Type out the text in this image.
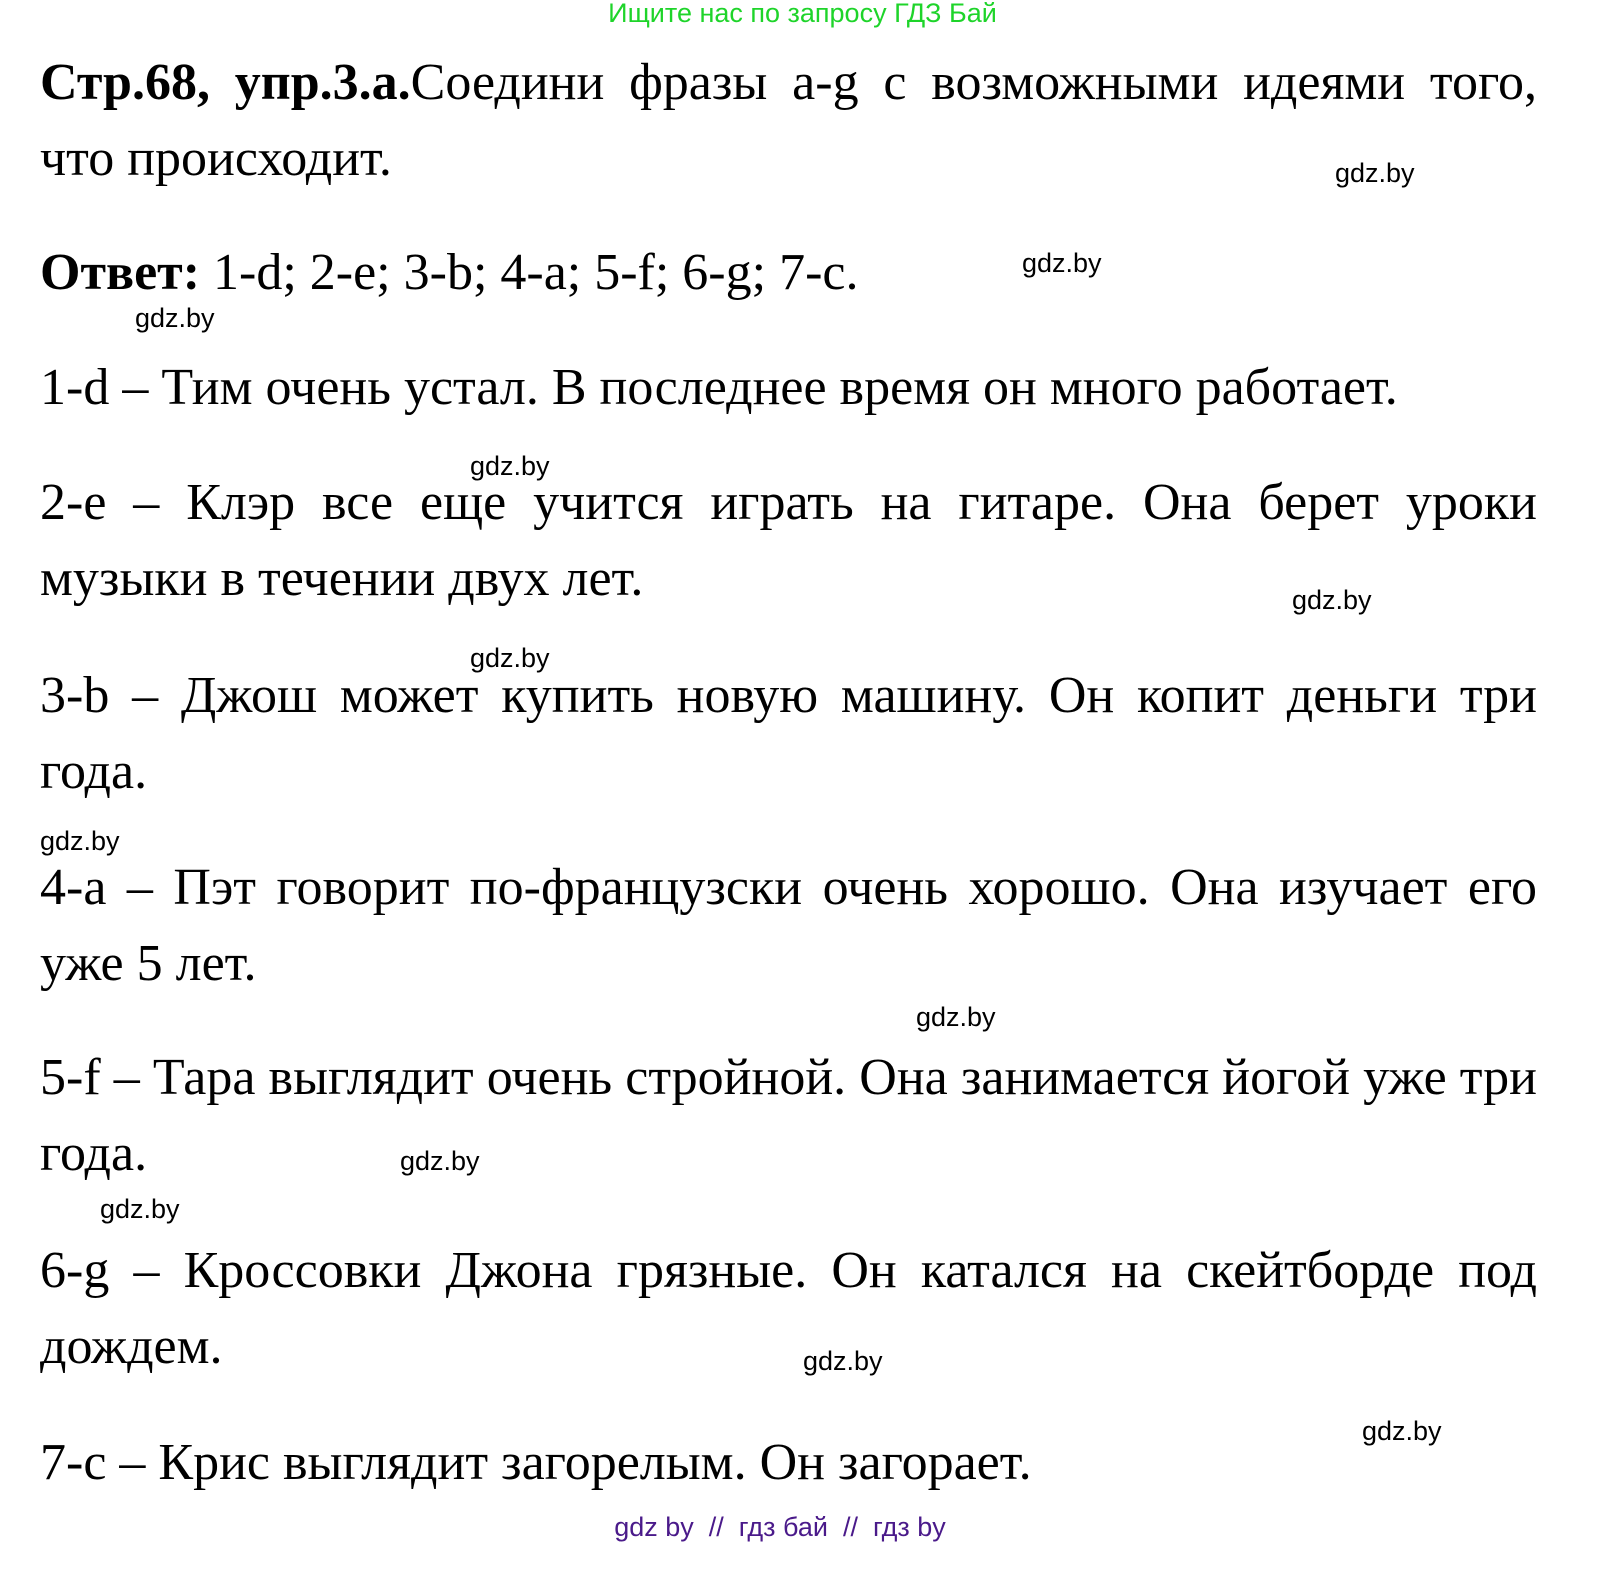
Ищите нас по запросу ГДЗ Бай

Стр.68, упр.3.а.Соедини фразы a-g с возможными идеями того, что происходит.

Ответ: 1-d; 2-e; 3-b; 4-a; 5-f; 6-g; 7-c.

1-d – Тим очень устал. В последнее время он много работает.

2-e – Клэр все еще учится играть на гитаре. Она берет уроки музыки в течении двух лет.

3-b – Джош может купить новую машину. Он копит деньги три года.

4-a – Пэт говорит по-французски очень хорошо. Она изучает его уже 5 лет.

5-f – Тара выглядит очень стройной. Она занимается йогой уже три года.

6-g – Кроссовки Джона грязные. Он катался на скейтборде под дождем.

7-c – Крис выглядит загорелым. Он загорает.

gdz.by
gdz.by
gdz.by
gdz.by
gdz.by
gdz.by
gdz.by
gdz.by
gdz.by
gdz.by
gdz.by
gdz.by
gdz by  //  гдз бай  //  гдз by
